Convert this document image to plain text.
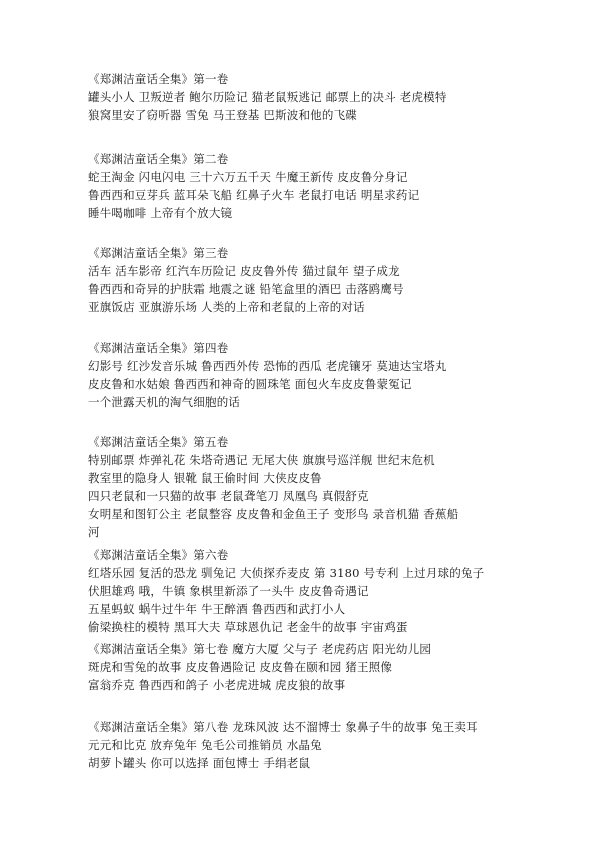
《郑渊洁童话全集》第一卷
罐头小人 卫叛逆者 鲍尔历险记 猫老鼠叛逃记 邮票上的决斗 老虎模特
狼窝里安了窃听器 雪兔 马王登基 巴斯波和他的飞碟
《郑渊洁童话全集》第二卷
蛇王淘金 闪电闪电 三十六万五千天 牛魔王新传 皮皮鲁分身记
鲁西西和豆芽兵 蓝耳朵飞船 红鼻子火车 老鼠打电话 明星求药记
睡牛喝咖啡 上帝有个放大镜
《郑渊洁童话全集》第三卷
活车 活车影帝 红汽车历险记 皮皮鲁外传 猫过鼠年 望子成龙
鲁西西和奇异的护肤霜 地震之谜 铅笔盒里的酒巴 击落鸥鹰号
亚旗饭店 亚旗游乐场 人类的上帝和老鼠的上帝的对话
《郑渊洁童话全集》第四卷
幻影号 红沙发音乐城 鲁西西外传 恐怖的西瓜 老虎镶牙 莫迪达宝塔丸
皮皮鲁和水姑娘 鲁西西和神奇的圆珠笔 面包火车皮皮鲁蒙冤记
一个泄露天机的淘气细胞的话
《郑渊洁童话全集》第五卷
特别邮票 炸弹礼花 朱塔奇遇记 无尾大侠 旗旗号巡洋舰 世纪末危机
教室里的隐身人 银靴 鼠王偷时间 大侠皮皮鲁
四只老鼠和一只猫的故事 老鼠聋笔刀 凤凰鸟 真假舒克
女明星和图钉公主 老鼠整容 皮皮鲁和金鱼王子 变形鸟 录音机猫 香蕉船
河
《郑渊洁童话全集》第六卷
红塔乐园 复活的恐龙 驯兔记 大侦探乔麦皮 第 3180 号专利 上过月球的兔子
伏胆雄鸡 哦，牛镇 象棋里新添了一头牛 皮皮鲁奇遇记
五星蚂蚁 蜗牛过牛年 牛王醉酒 鲁西西和武打小人
偷梁换柱的模特 黑耳大夫 草球恩仇记 老金牛的故事 宇宙鸡蛋
《郑渊洁童话全集》第七卷 魔方大厦 父与子 老虎药店 阳光幼儿园
斑虎和雪兔的故事 皮皮鲁遇险记 皮皮鲁在颐和园 猪王照像
富翁乔克 鲁西西和鸽子 小老虎进城 虎皮狼的故事
《郑渊洁童话全集》第八卷 龙珠风波 达不溜博士 象鼻子牛的故事 兔王卖耳
元元和比克 放弃兔年 兔毛公司推销员 水晶兔
胡萝卜罐头 你可以选择 面包博士 手绢老鼠
